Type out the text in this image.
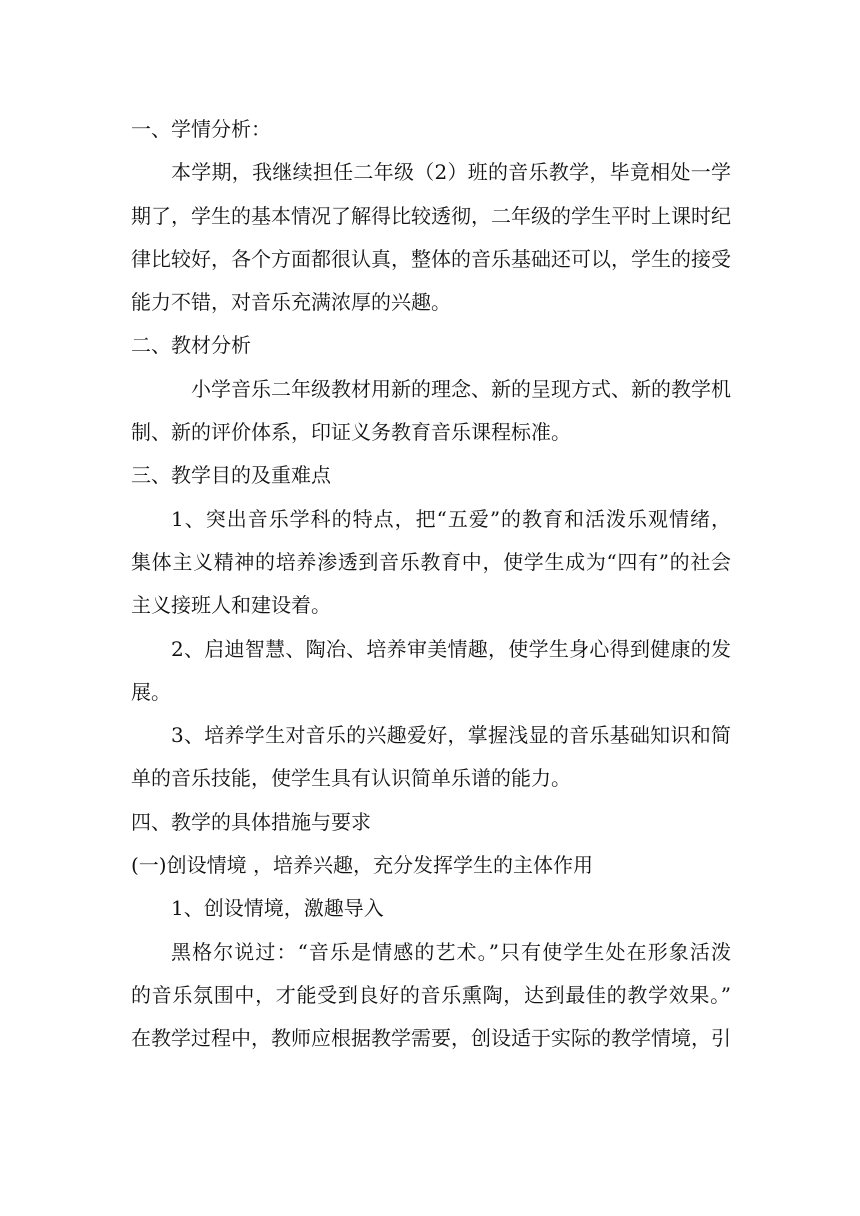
一、学情分析：
本学期，我继续担任二年级（2）班的音乐教学，毕竟相处一学
期了，学生的基本情况了解得比较透彻，二年级的学生平时上课时纪
律比较好，各个方面都很认真，整体的音乐基础还可以，学生的接受
能力不错，对音乐充满浓厚的兴趣。
二、教材分析
小学音乐二年级教材用新的理念、新的呈现方式、新的教学机
制、新的评价体系，印证义务教育音乐课程标准。
三、教学目的及重难点
1、突出音乐学科的特点，把“五爱”的教育和活泼乐观情绪，
集体主义精神的培养渗透到音乐教育中，使学生成为“四有”的社会
主义接班人和建设着。
2、启迪智慧、陶冶、培养审美情趣，使学生身心得到健康的发
展。
3、培养学生对音乐的兴趣爱好，掌握浅显的音乐基础知识和简
单的音乐技能，使学生具有认识简单乐谱的能力。
四、教学的具体措施与要求
(一)创设情境 ，培养兴趣，充分发挥学生的主体作用
1、创设情境，激趣导入
黑格尔说过：“音乐是情感的艺术。”只有使学生处在形象活泼
的音乐氛围中，才能受到良好的音乐熏陶，达到最佳的教学效果。”
在教学过程中，教师应根据教学需要，创设适于实际的教学情境，引
